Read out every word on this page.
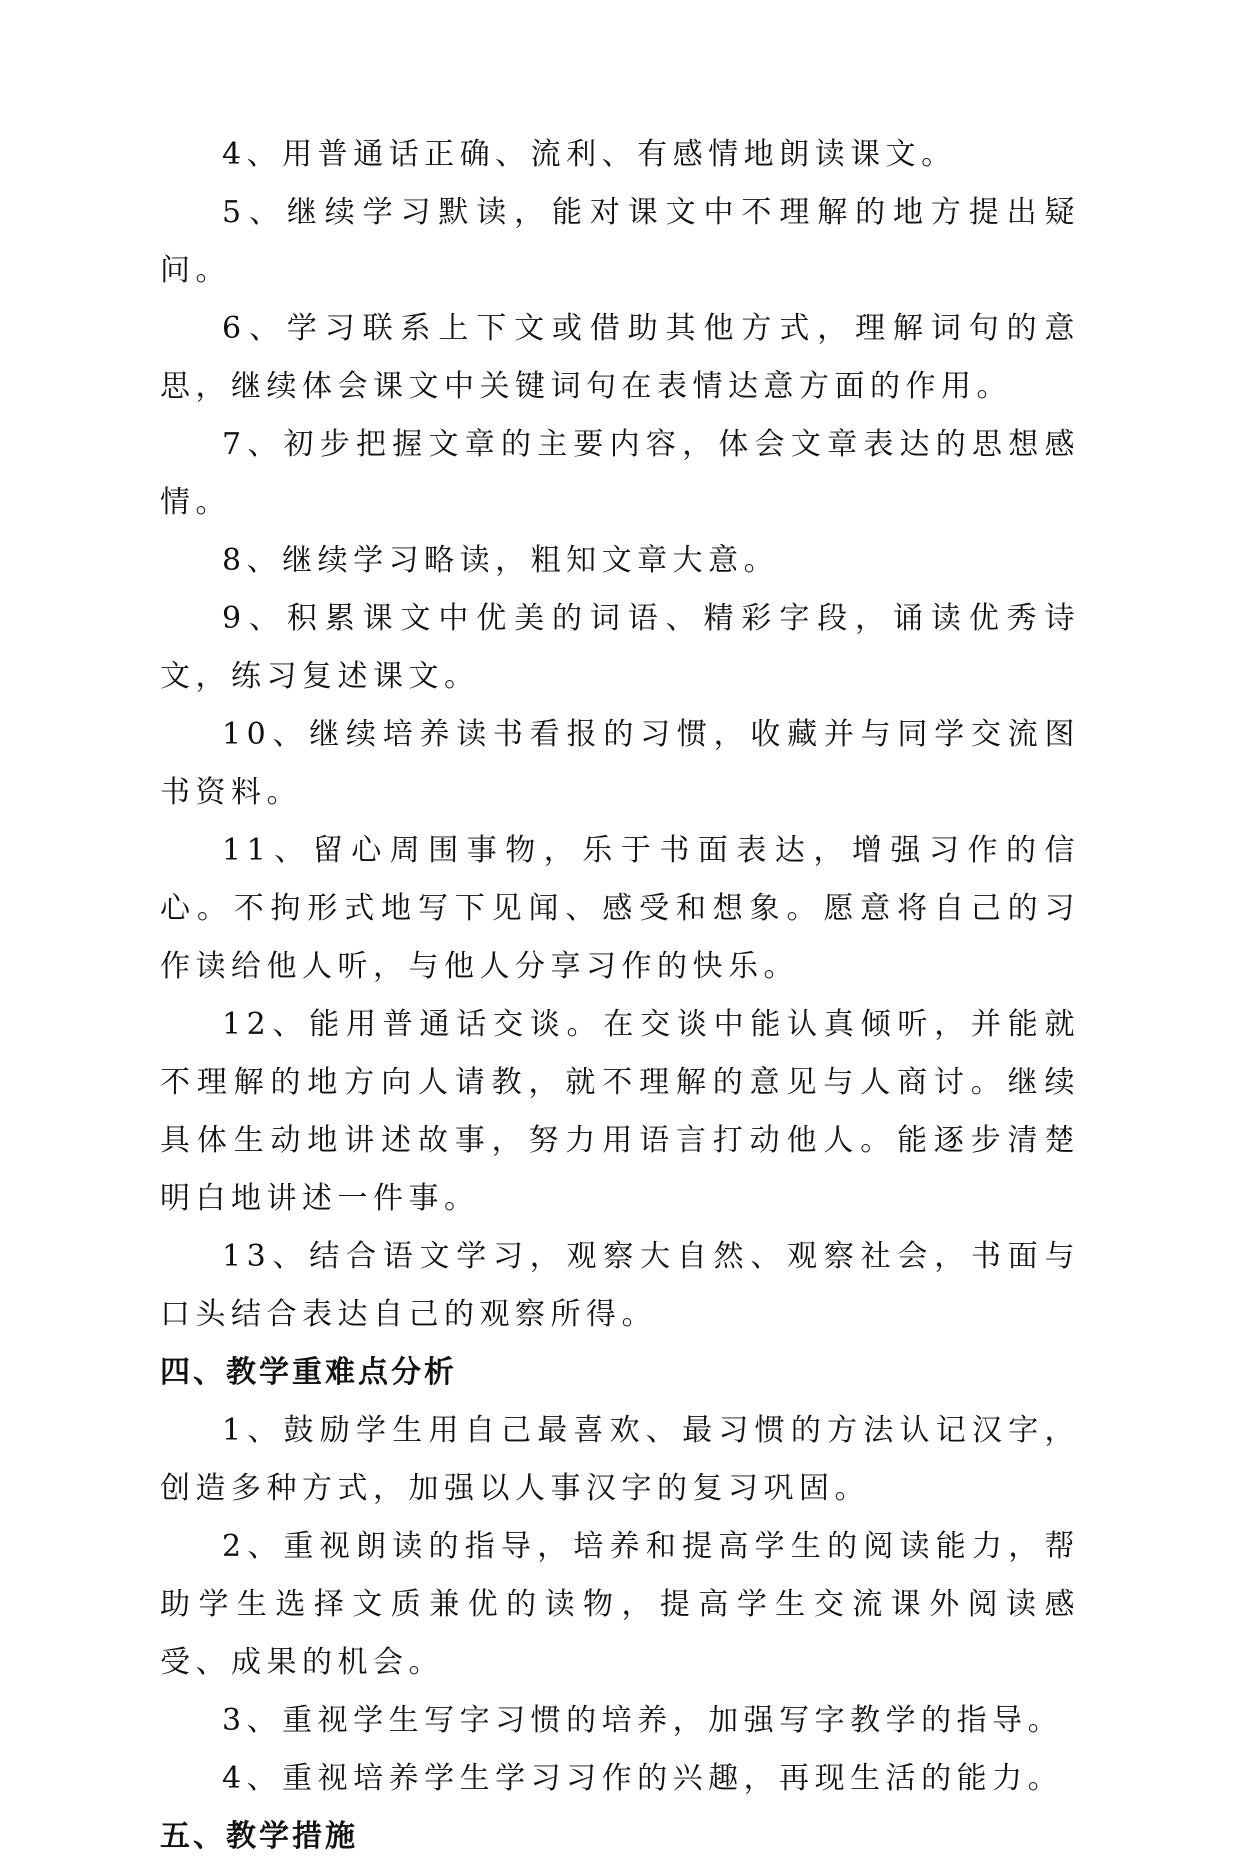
4、用普通话正确、流利、有感情地朗读课文。

5、继续学习默读，能对课文中不理解的地方提出疑问。

6、学习联系上下文或借助其他方式，理解词句的意思，继续体会课文中关键词句在表情达意方面的作用。

7、初步把握文章的主要内容，体会文章表达的思想感情。

8、继续学习略读，粗知文章大意。

9、积累课文中优美的词语、精彩字段，诵读优秀诗文，练习复述课文。

10、继续培养读书看报的习惯，收藏并与同学交流图书资料。

11、留心周围事物，乐于书面表达，增强习作的信心。不拘形式地写下见闻、感受和想象。愿意将自己的习作读给他人听，与他人分享习作的快乐。

12、能用普通话交谈。在交谈中能认真倾听，并能就不理解的地方向人请教，就不理解的意见与人商讨。继续具体生动地讲述故事，努力用语言打动他人。能逐步清楚明白地讲述一件事。

13、结合语文学习，观察大自然、观察社会，书面与口头结合表达自己的观察所得。

四、教学重难点分析

1、鼓励学生用自己最喜欢、最习惯的方法认记汉字，创造多种方式，加强以人事汉字的复习巩固。

2、重视朗读的指导，培养和提高学生的阅读能力，帮助学生选择文质兼优的读物，提高学生交流课外阅读感受、成果的机会。

3、重视学生写字习惯的培养，加强写字教学的指导。

4、重视培养学生学习习作的兴趣，再现生活的能力。

五、教学措施
